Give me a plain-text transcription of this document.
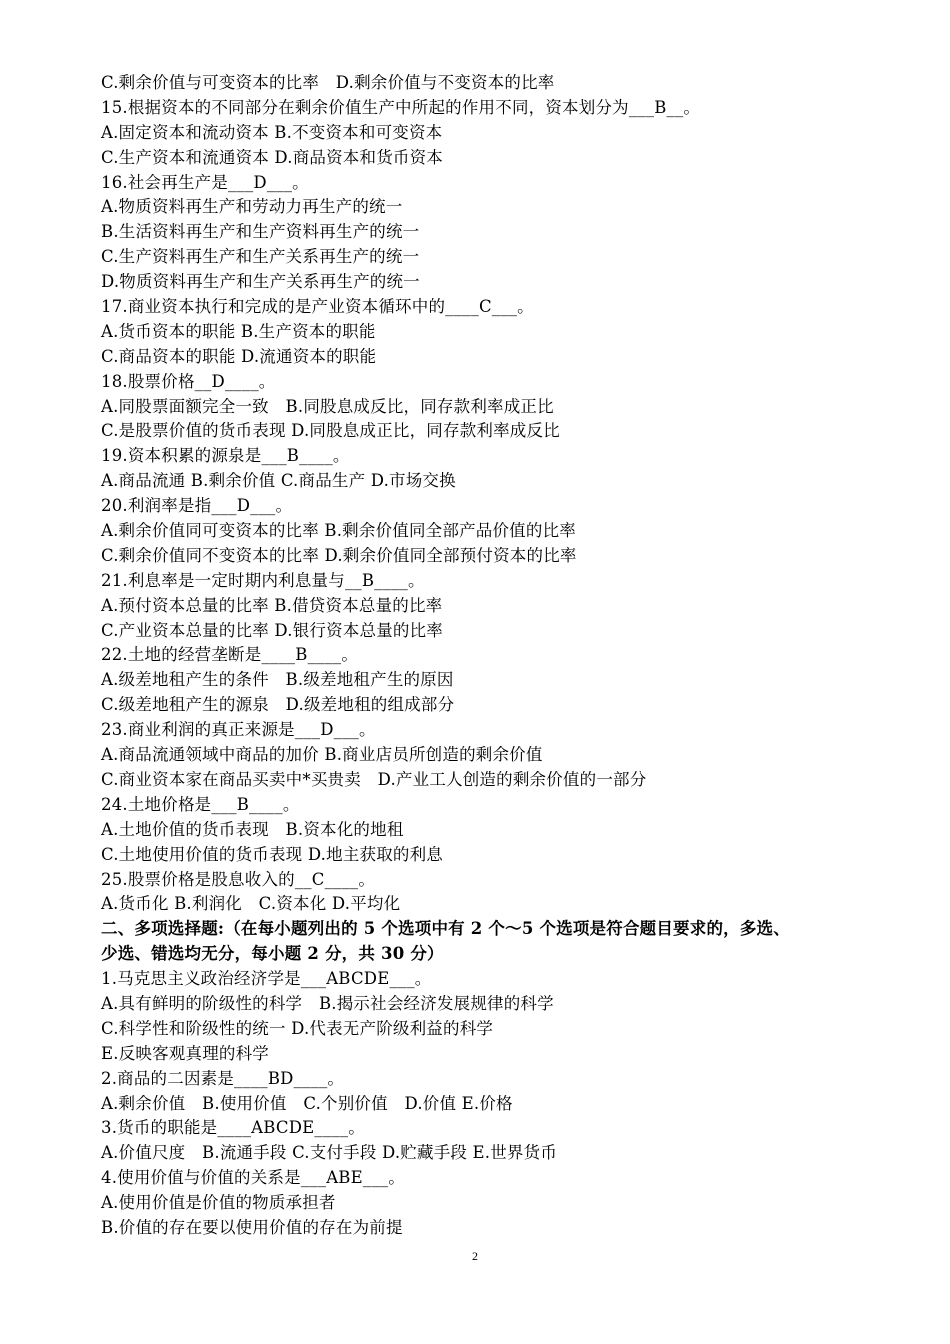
C.剩余价值与可变资本的比率　D.剩余价值与不变资本的比率
15.根据资本的不同部分在剩余价值生产中所起的作用不同，资本划分为___B__。
A.固定资本和流动资本 B.不变资本和可变资本
C.生产资本和流通资本 D.商品资本和货币资本
16.社会再生产是___D___。
A.物质资料再生产和劳动力再生产的统一
B.生活资料再生产和生产资料再生产的统一
C.生产资料再生产和生产关系再生产的统一
D.物质资料再生产和生产关系再生产的统一
17.商业资本执行和完成的是产业资本循环中的____C___。
A.货币资本的职能 B.生产资本的职能
C.商品资本的职能 D.流通资本的职能
18.股票价格__D____。
A.同股票面额完全一致　B.同股息成反比，同存款利率成正比
C.是股票价值的货币表现 D.同股息成正比，同存款利率成反比
19.资本积累的源泉是___B____。
A.商品流通 B.剩余价值 C.商品生产 D.市场交换
20.利润率是指___D___。
A.剩余价值同可变资本的比率 B.剩余价值同全部产品价值的比率
C.剩余价值同不变资本的比率 D.剩余价值同全部预付资本的比率
21.利息率是一定时期内利息量与__B____。
A.预付资本总量的比率 B.借贷资本总量的比率
C.产业资本总量的比率 D.银行资本总量的比率
22.土地的经营垄断是____B____。
A.级差地租产生的条件　B.级差地租产生的原因
C.级差地租产生的源泉　D.级差地租的组成部分
23.商业利润的真正来源是___D___。
A.商品流通领域中商品的加价 B.商业店员所创造的剩余价值
C.商业资本家在商品买卖中*买贵卖　D.产业工人创造的剩余价值的一部分
24.土地价格是___B____。
A.土地价值的货币表现　B.资本化的地租
C.土地使用价值的货币表现 D.地主获取的利息
25.股票价格是股息收入的__C____。
A.货币化 B.利润化　C.资本化 D.平均化
二、多项选择题:（在每小题列出的 5 个选项中有 2 个～5 个选项是符合题目要求的，多选、
少选、错选均无分，每小题 2 分，共 30 分）
1.马克思主义政治经济学是___ABCDE___。
A.具有鲜明的阶级性的科学　B.揭示社会经济发展规律的科学
C.科学性和阶级性的统一 D.代表无产阶级利益的科学
E.反映客观真理的科学
2.商品的二因素是____BD____。
A.剩余价值　B.使用价值　C.个别价值　D.价值 E.价格
3.货币的职能是____ABCDE____。
A.价值尺度　B.流通手段 C.支付手段 D.贮藏手段 E.世界货币
4.使用价值与价值的关系是___ABE___。
A.使用价值是价值的物质承担者
B.价值的存在要以使用价值的存在为前提
2
